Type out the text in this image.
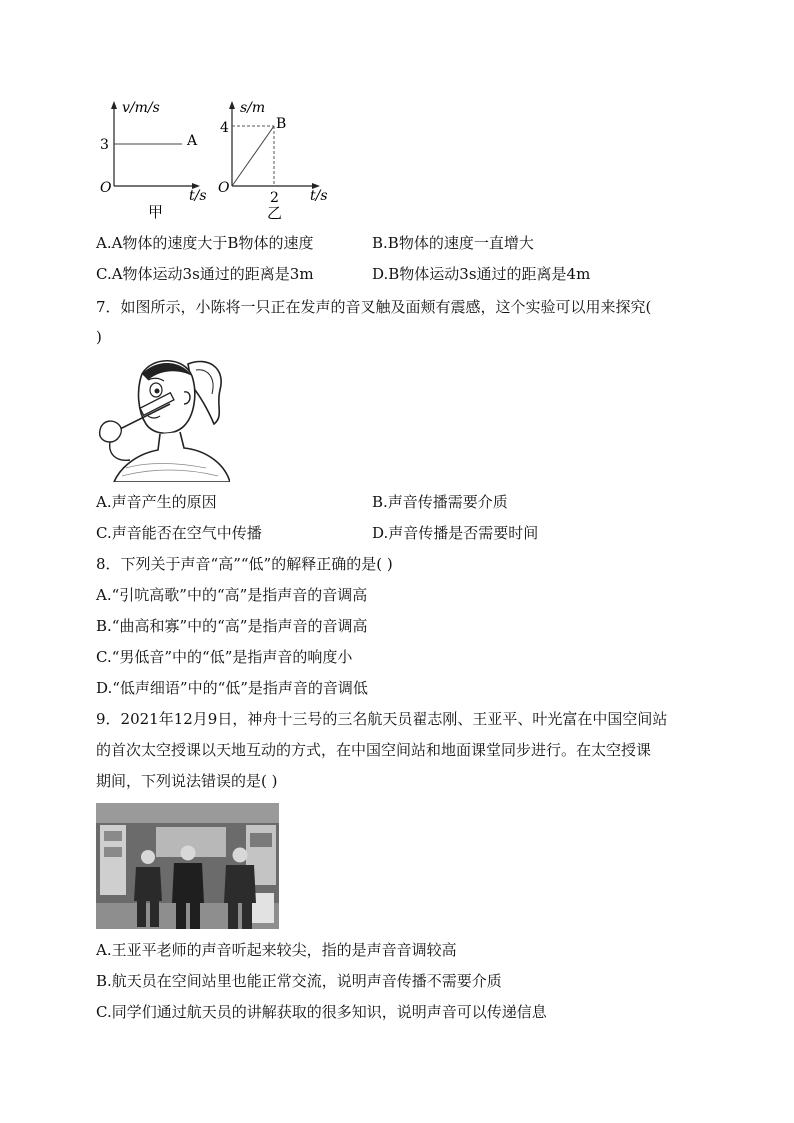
v/m/s
3	A
O	t/s
甲
s/m
4	B
O
2 t/s
乙
A.A物体的速度大于B物体的速度	B.B物体的速度一直增大
C.A物体运动3s通过的距离是3m	D.B物体运动3s通过的距离是4m
7．如图所示，小陈将一只正在发声的音叉触及面颊有震感，这个实验可以用来探究(
)
A.声音产生的原因	B.声音传播需要介质
C.声音能否在空气中传播	D.声音传播是否需要时间
8．下列关于声音“高”“低”的解释正确的是( )
A.“引吭高歌”中的“高”是指声音的音调高
B.“曲高和寡”中的“高”是指声音的音调高
C.“男低音”中的“低”是指声音的响度小
D.“低声细语”中的“低”是指声音的音调低
9．2021年12月9日，神舟十三号的三名航天员翟志刚、王亚平、叶光富在中国空间站
的首次太空授课以天地互动的方式，在中国空间站和地面课堂同步进行。在太空授课
期间，下列说法错误的是( )
A.王亚平老师的声音听起来较尖，指的是声音音调较高
B.航天员在空间站里也能正常交流，说明声音传播不需要介质
C.同学们通过航天员的讲解获取的很多知识，说明声音可以传递信息
